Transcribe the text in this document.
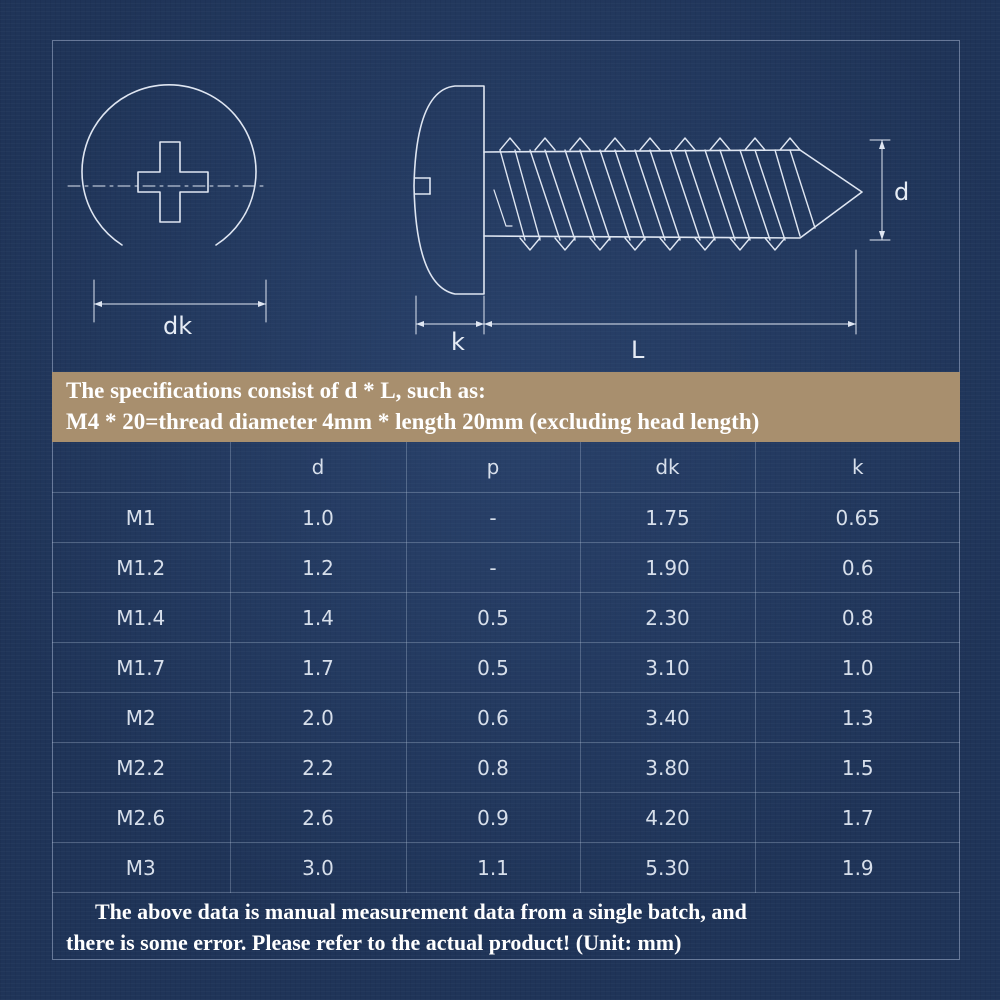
dk
k	L
d
The specifications consist of d * L, such as:
M4 * 20=thread diameter 4mm * length 20mm (excluding head length)
	d	p	dk	k
M1	1.0	-	1.75	0.65
M1.2	1.2	-	1.90	0.6
M1.4	1.4	0.5	2.30	0.8
M1.7	1.7	0.5	3.10	1.0
M2	2.0	0.6	3.40	1.3
M2.2	2.2	0.8	3.80	1.5
M2.6	2.6	0.9	4.20	1.7
M3	3.0	1.1	5.30	1.9
The above data is manual measurement data from a single batch, and
there is some error. Please refer to the actual product! (Unit: mm)
